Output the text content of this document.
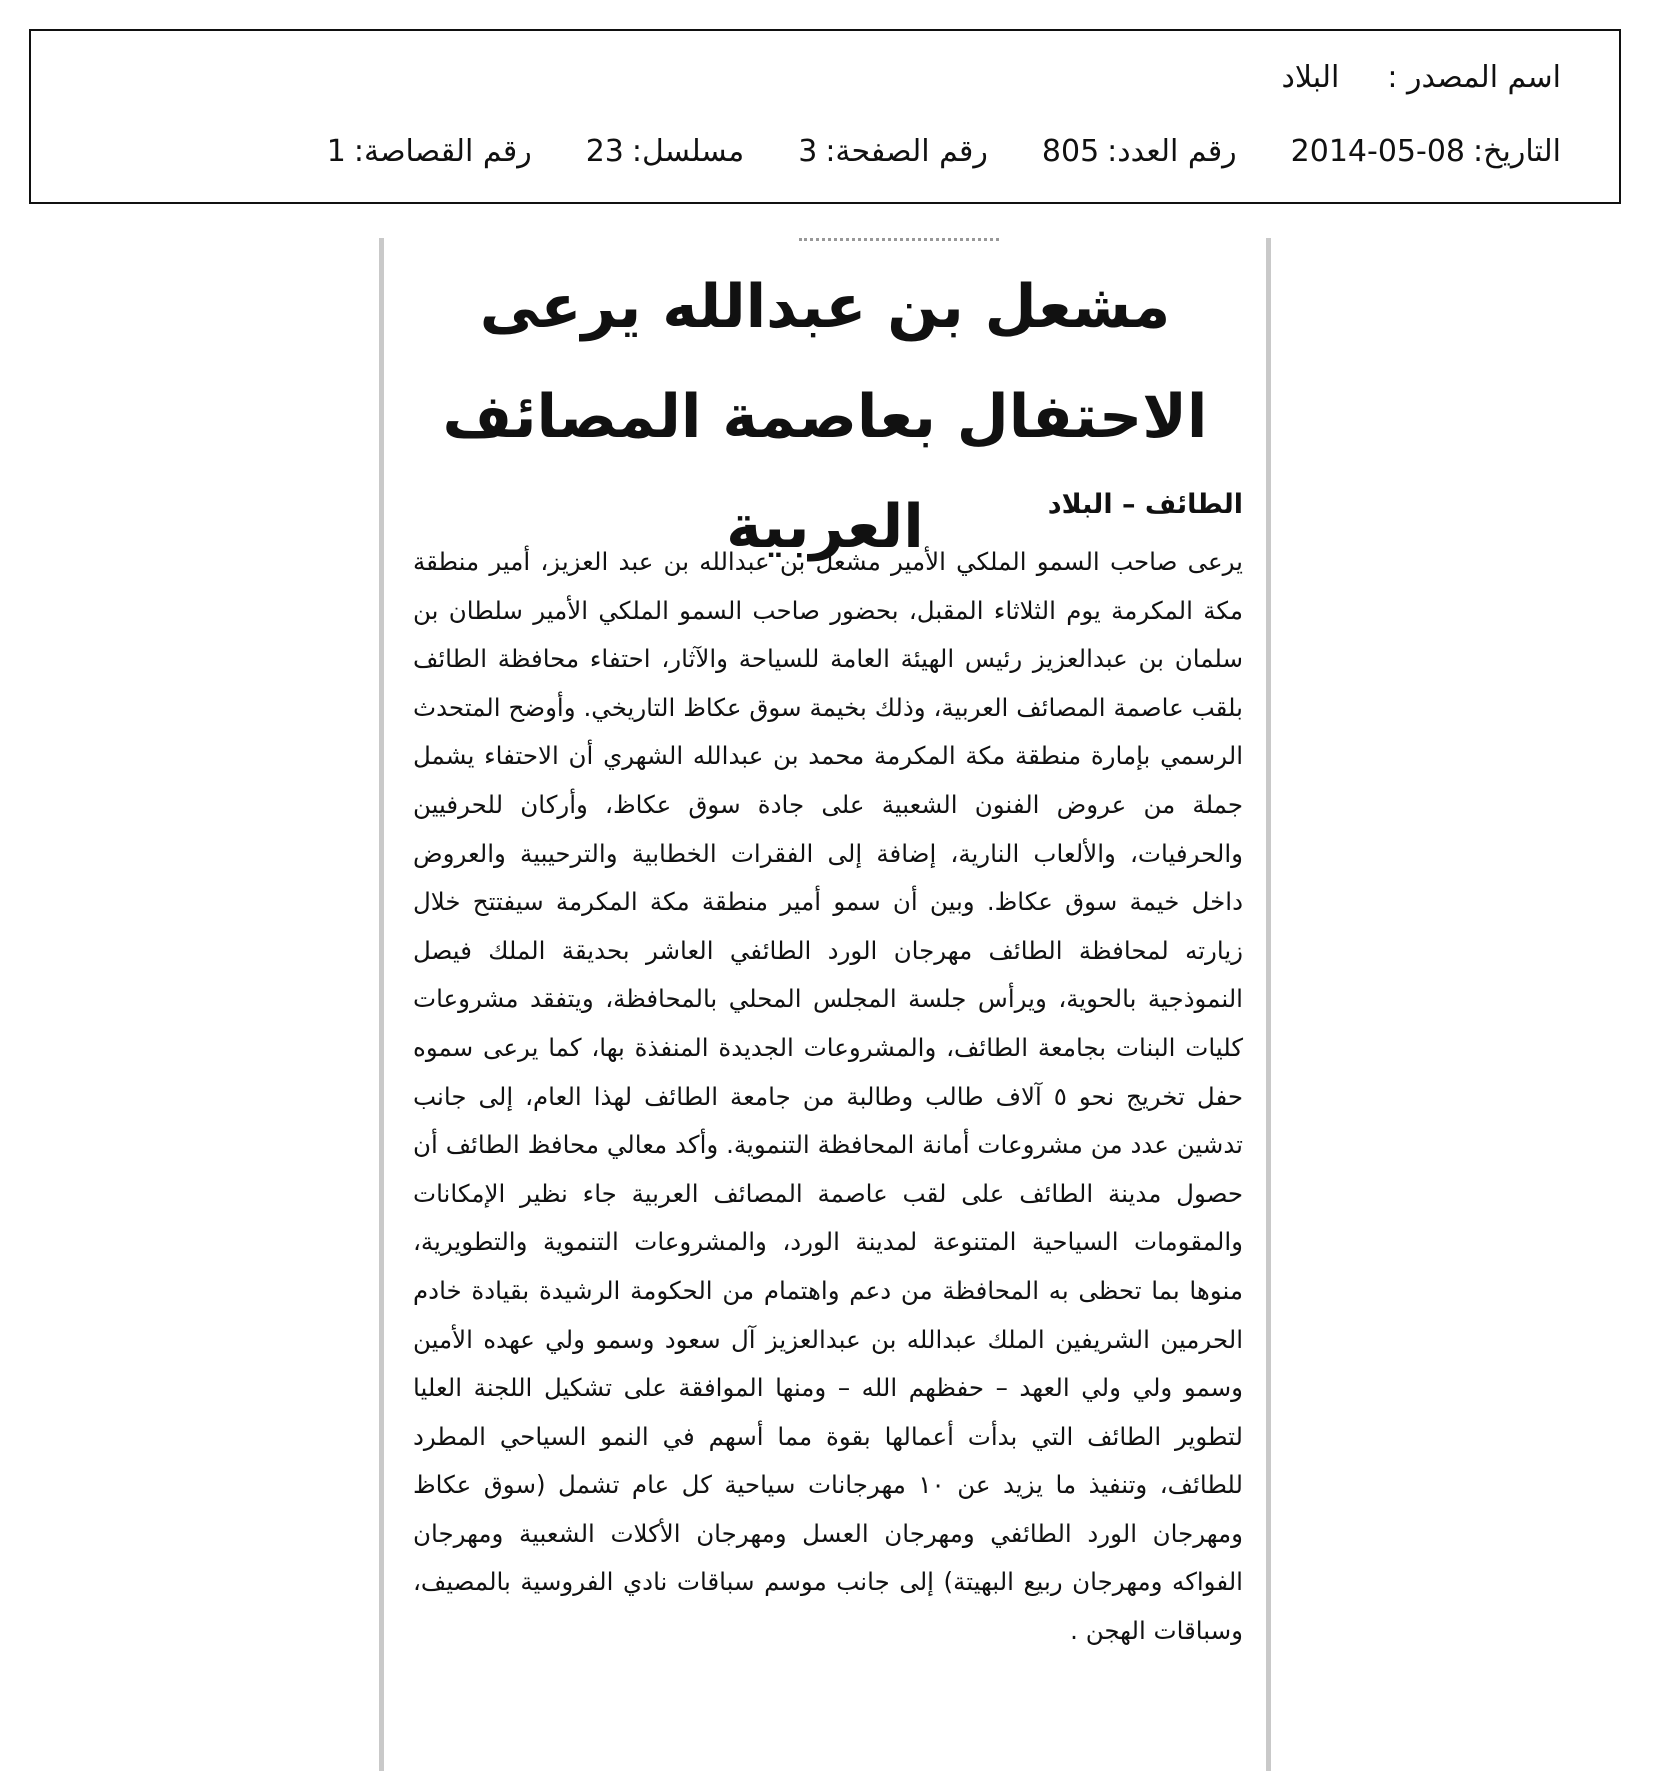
اسم المصدر :
البلاد
التاريخ:
2014-05-08
رقم العدد:
805
رقم الصفحة:
3
مسلسل:
23
رقم القصاصة:
1
مشعل بن عبدالله يرعى الاحتفال بعاصمة المصائف العربية	الطائف – البلاد
يرعى صاحب السمو الملكي الأمير مشعل بن عبدالله بن عبد العزيز، أمير منطقة مكة المكرمة يوم الثلاثاء المقبل، بحضور صاحب السمو الملكي الأمير سلطان بن سلمان بن عبدالعزيز رئيس الهيئة العامة للسياحة والآثار، احتفاء محافظة الطائف بلقب عاصمة المصائف العربية، وذلك بخيمة سوق عكاظ التاريخي. وأوضح المتحدث الرسمي بإمارة منطقة مكة المكرمة محمد بن عبدالله الشهري أن الاحتفاء يشمل جملة من عروض الفنون الشعبية على جادة سوق عكاظ، وأركان للحرفيين والحرفيات، والألعاب النارية، إضافة إلى الفقرات الخطابية والترحيبية والعروض داخل خيمة سوق عكاظ. وبين أن سمو أمير منطقة مكة المكرمة سيفتتح خلال زيارته لمحافظة الطائف مهرجان الورد الطائفي العاشر بحديقة الملك فيصل النموذجية بالحوية، ويرأس جلسة المجلس المحلي بالمحافظة، ويتفقد مشروعات كليات البنات بجامعة الطائف، والمشروعات الجديدة المنفذة بها، كما يرعى سموه حفل تخريج نحو ٥ آلاف طالب وطالبة من جامعة الطائف لهذا العام، إلى جانب تدشين عدد من مشروعات أمانة المحافظة التنموية. وأكد معالي محافظ الطائف أن حصول مدينة الطائف على لقب عاصمة المصائف العربية جاء نظير الإمكانات والمقومات السياحية المتنوعة لمدينة الورد، والمشروعات التنموية والتطويرية، منوها بما تحظى به المحافظة من دعم واهتمام من الحكومة الرشيدة بقيادة خادم الحرمين الشريفين الملك عبدالله بن عبدالعزيز آل سعود وسمو ولي عهده الأمين وسمو ولي ولي العهد – حفظهم الله – ومنها الموافقة على تشكيل اللجنة العليا لتطوير الطائف التي بدأت أعمالها بقوة مما أسهم في النمو السياحي المطرد للطائف، وتنفيذ ما يزيد عن ١٠ مهرجانات سياحية كل عام تشمل (سوق عكاظ ومهرجان الورد الطائفي ومهرجان العسل ومهرجان الأكلات الشعبية ومهرجان الفواكه ومهرجان ربيع البهيتة) إلى جانب موسم سباقات نادي الفروسية بالمصيف، وسباقات الهجن .
